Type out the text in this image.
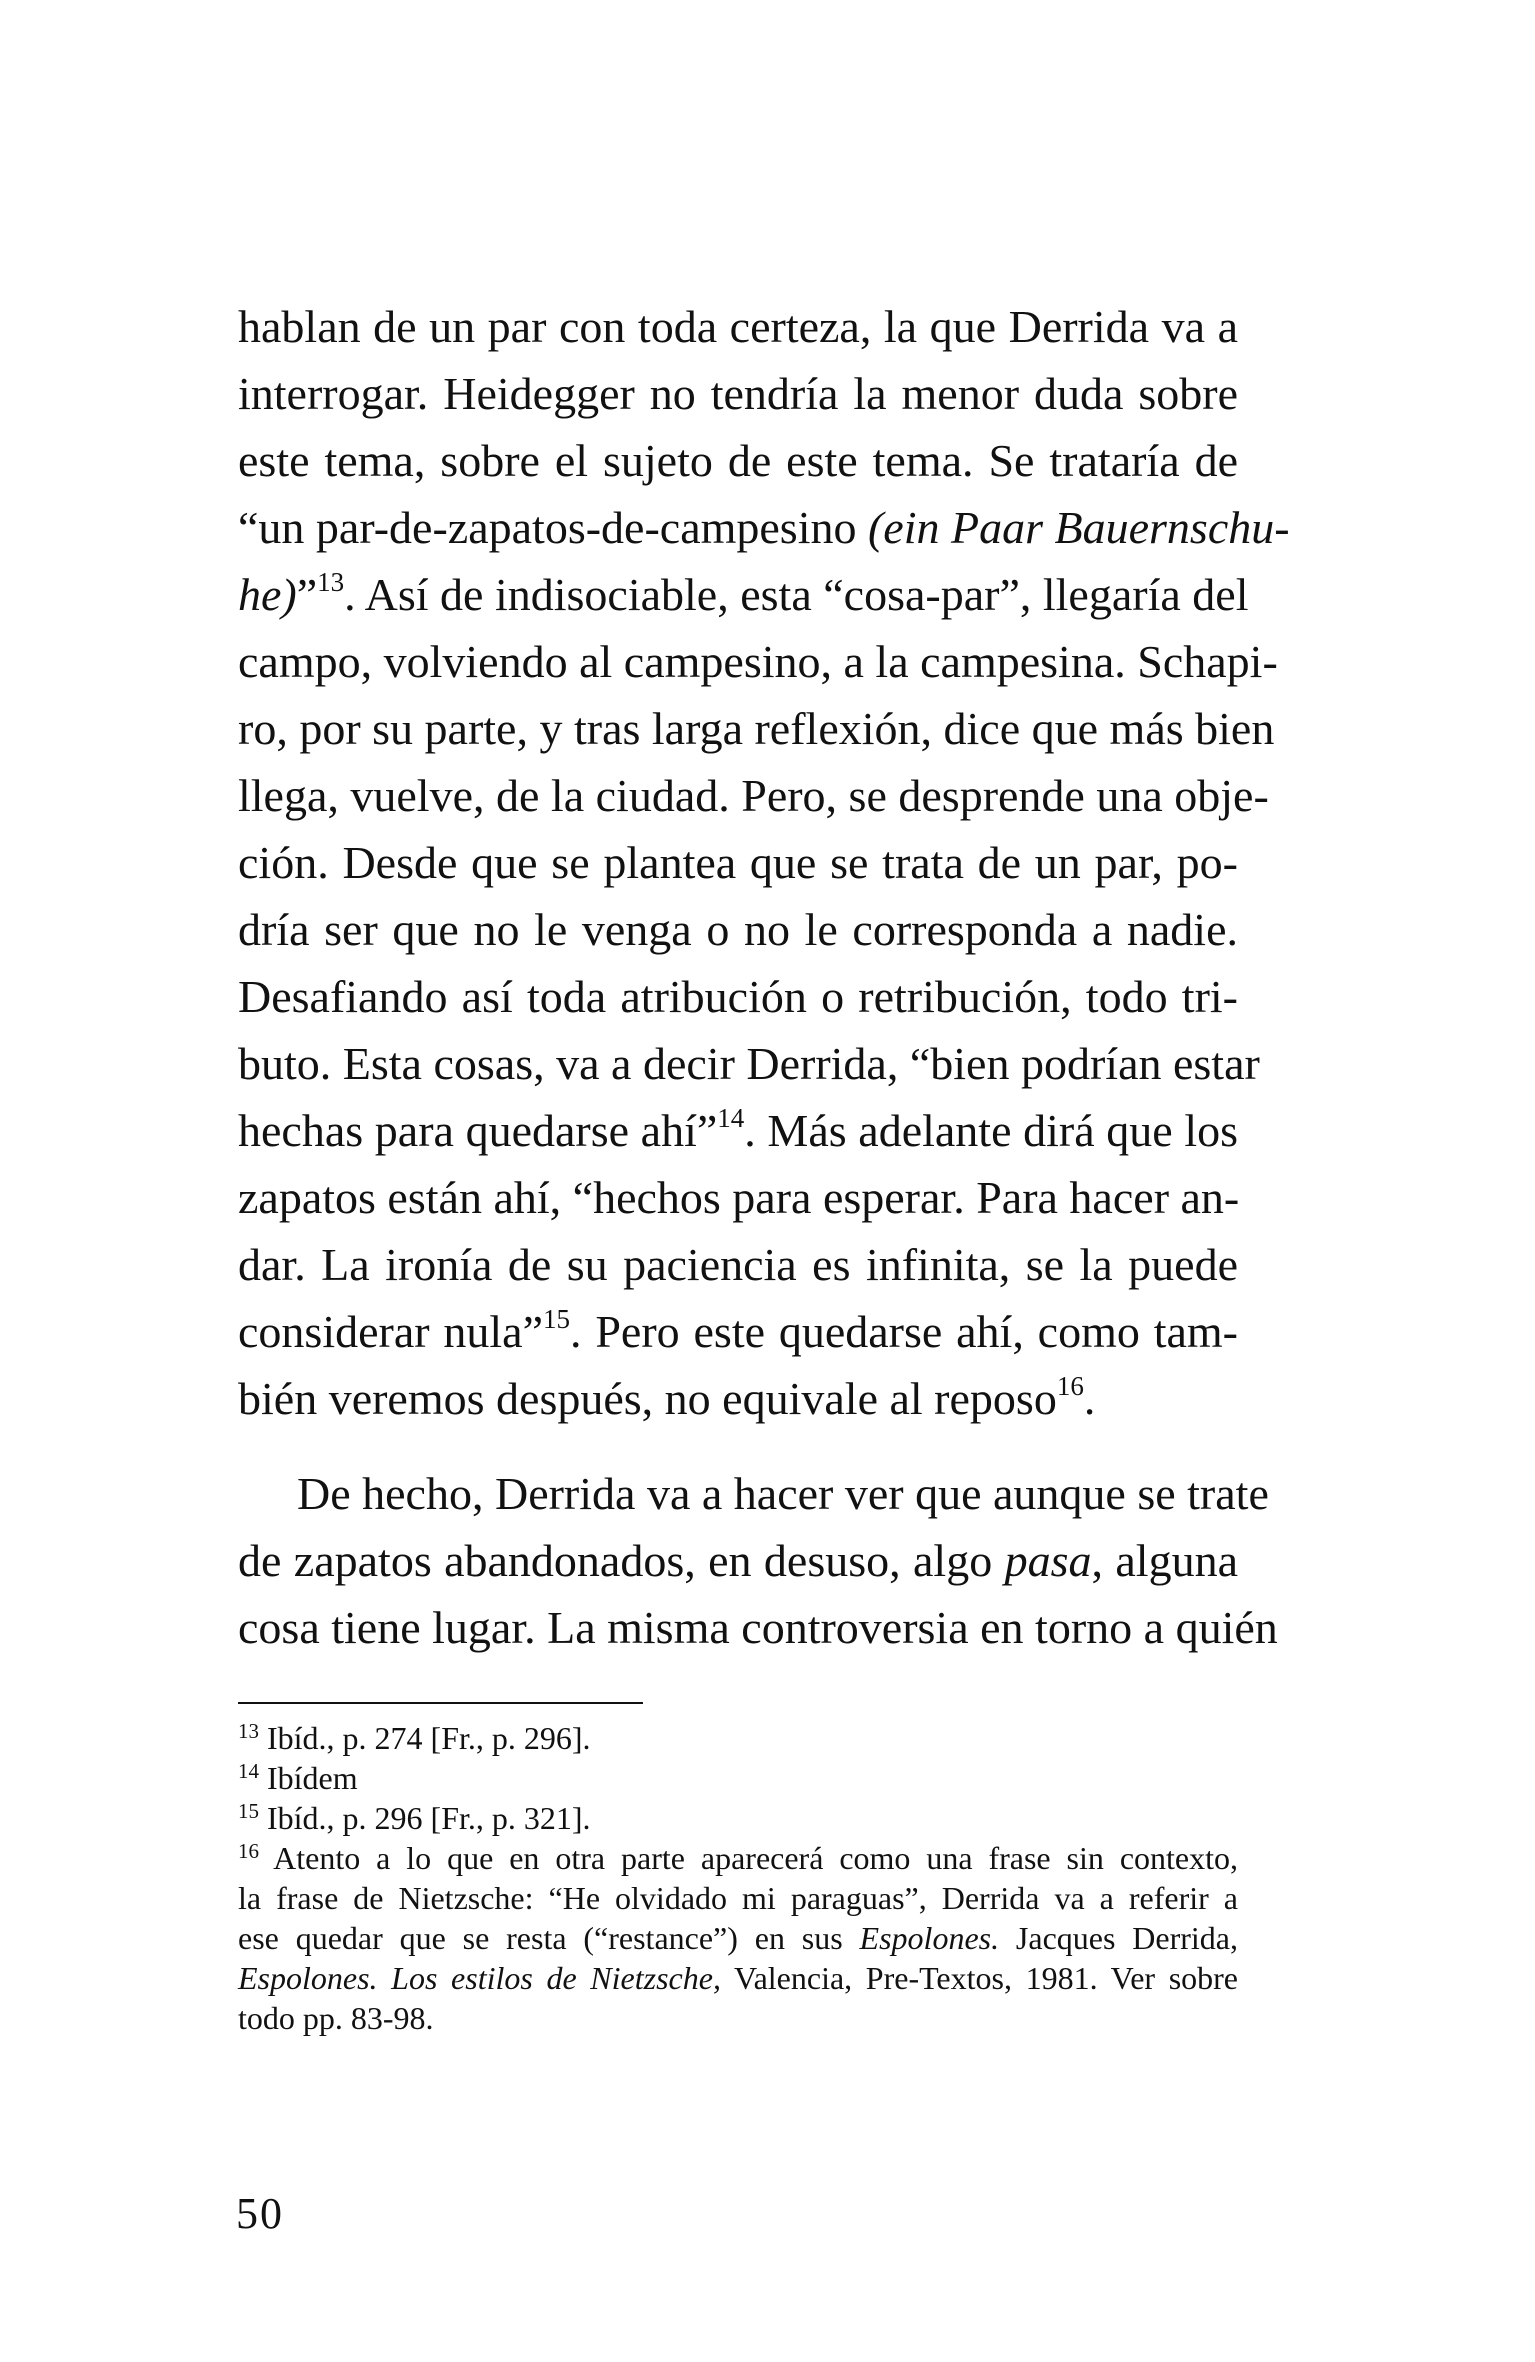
hablan de un par con toda certeza, la que Derrida va a
interrogar. Heidegger no tendría la menor duda sobre
este tema, sobre el sujeto de este tema. Se trataría de
“un par-de-zapatos-de-campesino (ein Paar Bauernschu-
he)”$^{13}$. Así de indisociable, esta “cosa-par”, llegaría del
campo, volviendo al campesino, a la campesina. Schapi-
ro, por su parte, y tras larga reflexión, dice que más bien
llega, vuelve, de la ciudad. Pero, se desprende una obje-
ción. Desde que se plantea que se trata de un par, po-
dría ser que no le venga o no le corresponda a nadie.
Desafiando así toda atribución o retribución, todo tri-
buto. Esta cosas, va a decir Derrida, “bien podrían estar
hechas para quedarse ahí”$^{14}$. Más adelante dirá que los
zapatos están ahí, “hechos para esperar. Para hacer an-
dar. La ironía de su paciencia es infinita, se la puede
considerar nula”$^{15}$. Pero este quedarse ahí, como tam-
bién veremos después, no equivale al reposo$^{16}$.
De hecho, Derrida va a hacer ver que aunque se trate
de zapatos abandonados, en desuso, algo pasa, alguna
cosa tiene lugar. La misma controversia en torno a quién
$^{13}$ Ibíd., p. 274 [Fr., p. 296].
$^{14}$ Ibídem
$^{15}$ Ibíd., p. 296 [Fr., p. 321].
$^{16}$ Atento a lo que en otra parte aparecerá como una frase sin contexto,
la frase de Nietzsche: “He olvidado mi paraguas”, Derrida va a referir a
ese quedar que se resta (“restance”) en sus Espolones. Jacques Derrida,
Espolones. Los estilos de Nietzsche, Valencia, Pre-Textos, 1981. Ver sobre
todo pp. 83-98.
50
